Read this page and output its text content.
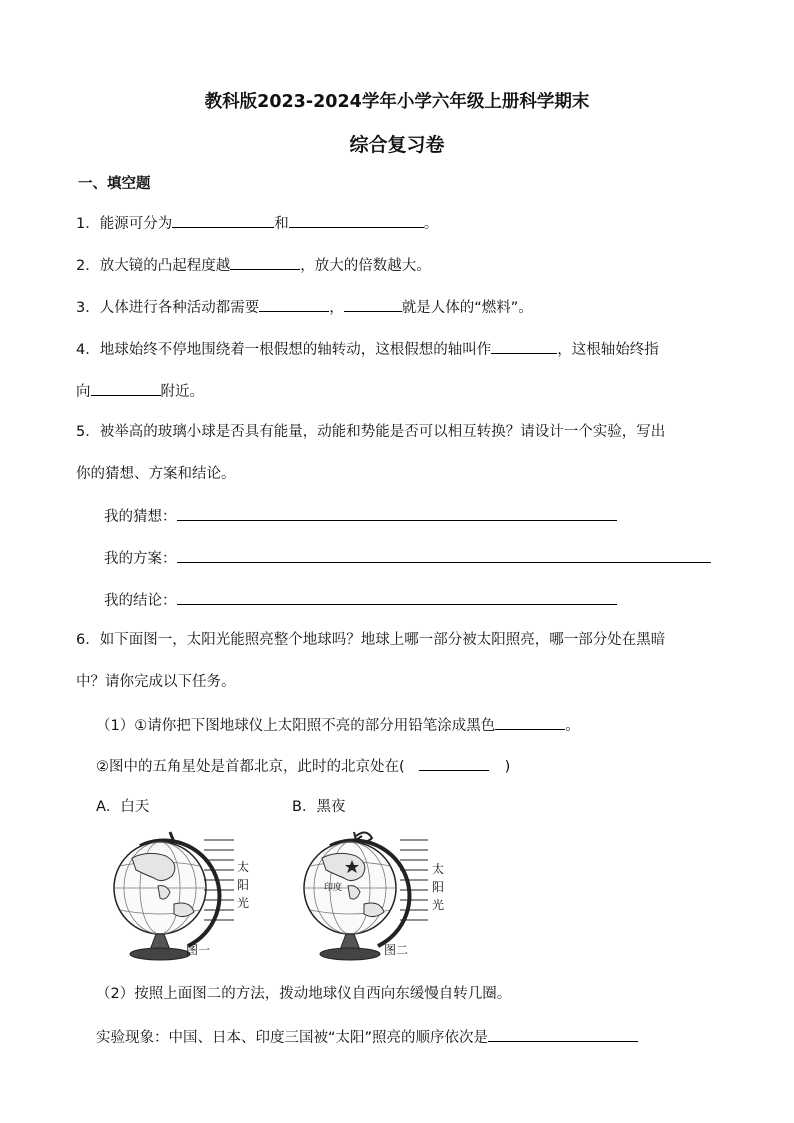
教科版2023-2024学年小学六年级上册科学期末
综合复习卷
一、填空题
1．能源可分为	和	。
2．放大镜的凸起程度越	，放大的倍数越大。
3．人体进行各种活动都需要	，	就是人体的“燃料”。
4．地球始终不停地围绕着一根假想的轴转动，这根假想的轴叫作	，这根轴始终指
向	附近。
5．被举高的玻璃小球是否具有能量，动能和势能是否可以相互转换？请设计一个实验，写出
你的猜想、方案和结论。
我的猜想：
我的方案：
我的结论：
6．如下面图一，太阳光能照亮整个地球吗？地球上哪一部分被太阳照亮，哪一部分处在黑暗
中？请你完成以下任务。
（1）①请你把下图地球仪上太阳照不亮的部分用铅笔涂成黑色	。
②图中的五角星处是首都北京，此时的北京处在(	)
A．白天	B．黑夜
太
阳
光
图一
印度
太
阳
光
图二
（2）按照上面图二的方法，拨动地球仪自西向东缓慢自转几圈。
实验现象：中国、日本、印度三国被“太阳”照亮的顺序依次是
